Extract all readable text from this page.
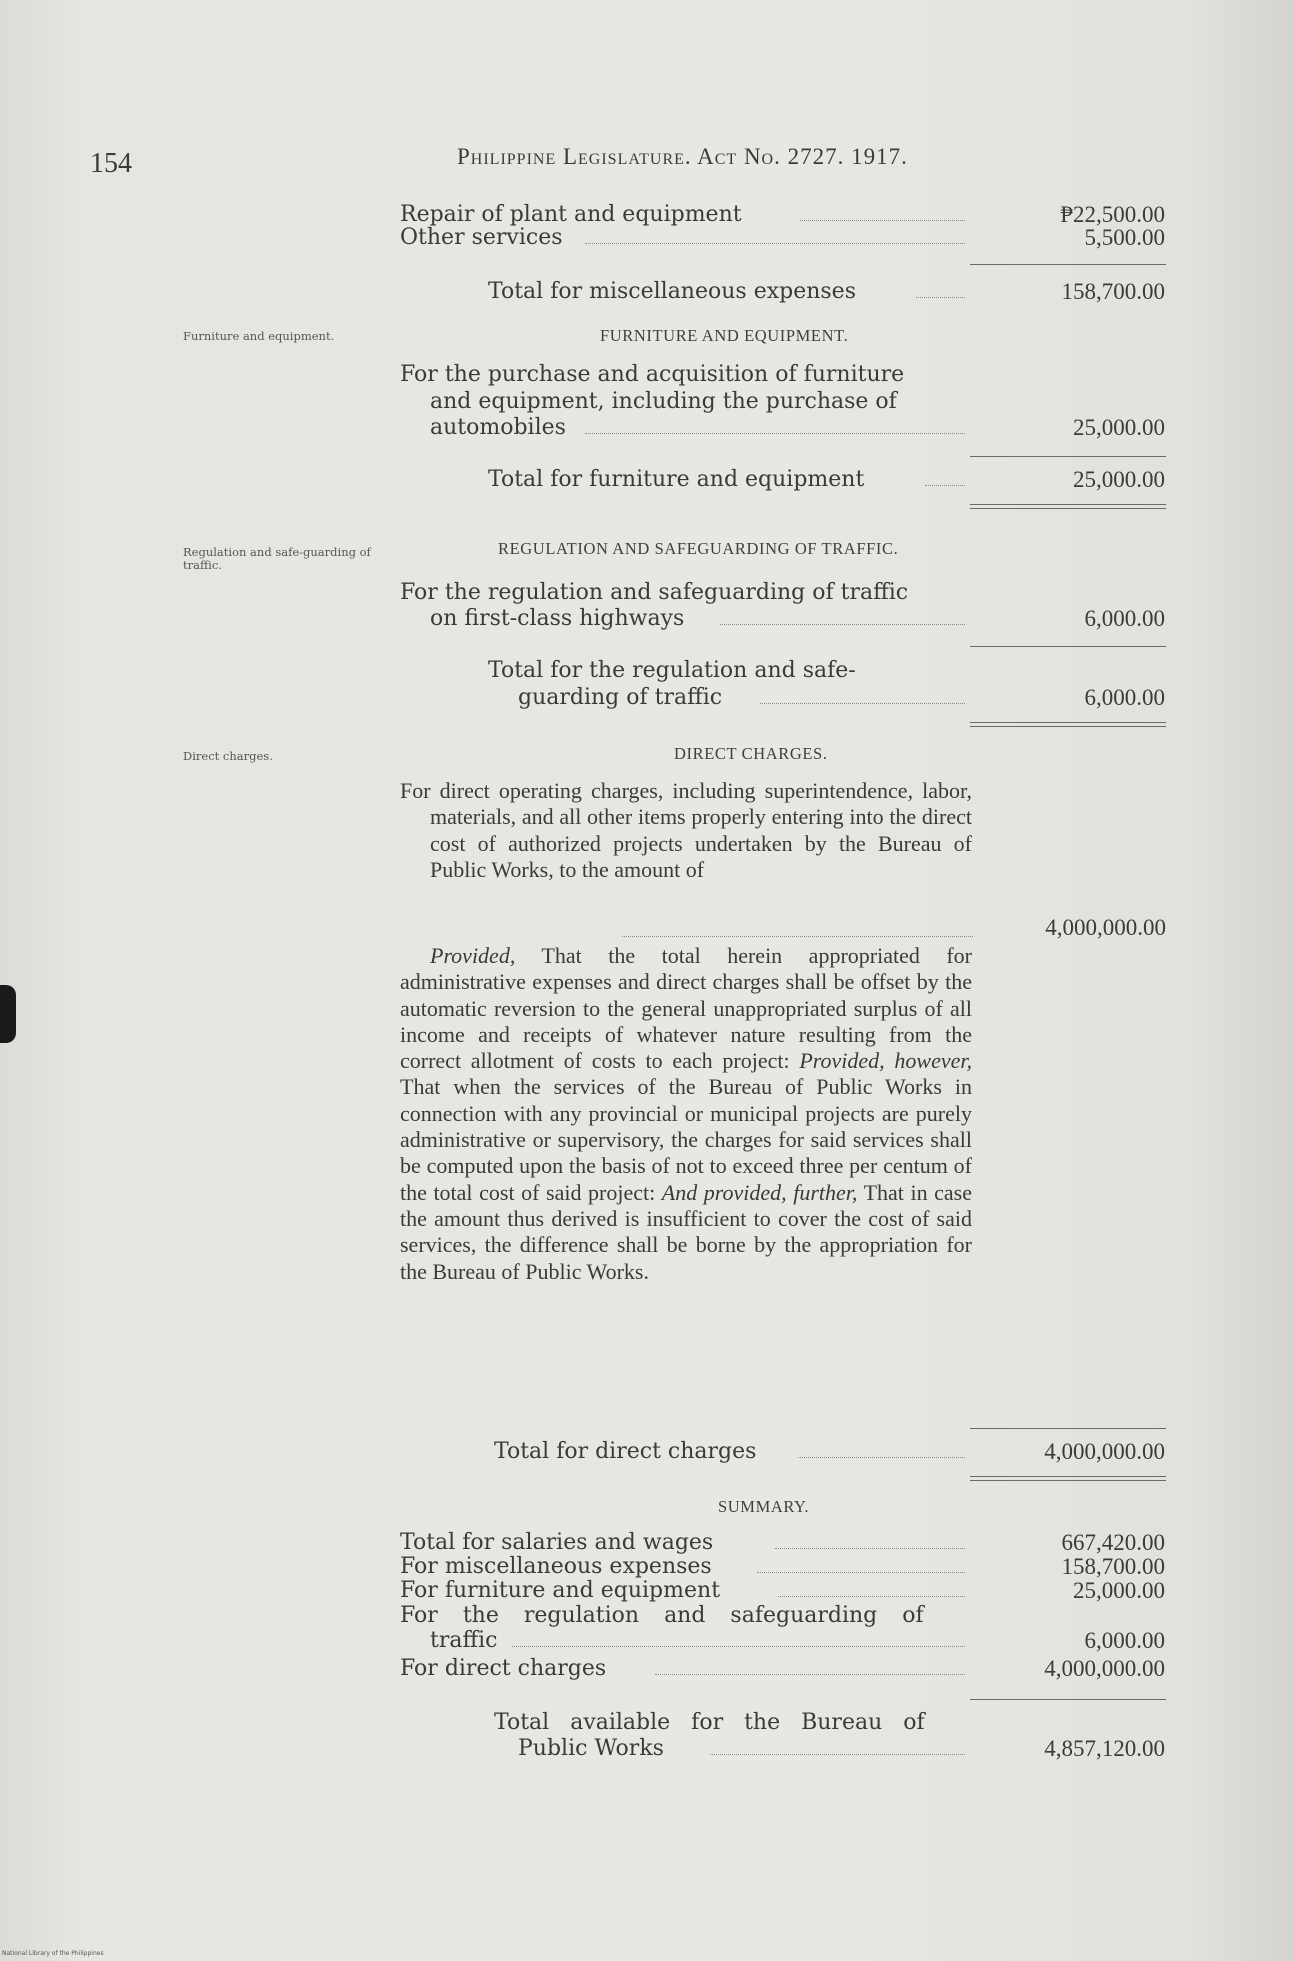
154	Philippine Legislature. Act No. 2727. 1917.
Repair of plant and equipment	₱22,500.00
Other services	5,500.00
Total for miscellaneous expenses	158,700.00
Furniture and equipment.	FURNITURE AND EQUIPMENT.
For the purchase and acquisition of furniture
and equipment, including the purchase of
automobiles	25,000.00
Total for furniture and equipment	25,000.00
Regulation and safe-guarding of traffic.
REGULATION AND SAFEGUARDING OF TRAFFIC.
For the regulation and safeguarding of traffic
on first-class highways	6,000.00
Total for the regulation and safe-
guarding of traffic	6,000.00
Direct charges.	DIRECT CHARGES.
For direct operating charges, including superintendence, labor, materials, and all other items properly entering into the direct cost of authorized projects undertaken by the Bureau of Public Works, to the amount of
4,000,000.00
Provided, That the total herein appropriated for administrative expenses and direct charges shall be offset by the automatic reversion to the general unappropriated surplus of all income and receipts of whatever nature resulting from the correct allotment of costs to each project: Provided, however, That when the services of the Bureau of Public Works in connection with any provincial or municipal projects are purely administrative or supervisory, the charges for said services shall be computed upon the basis of not to exceed three per centum of the total cost of said project: And provided, further, That in case the amount thus derived is insufficient to cover the cost of said services, the difference shall be borne by the appropriation for the Bureau of Public Works.
Total for direct charges	4,000,000.00
SUMMARY.
Total for salaries and wages	667,420.00
For miscellaneous expenses	158,700.00
For furniture and equipment	25,000.00
For the regulation and safeguarding of
traffic	6,000.00
For direct charges	4,000,000.00
Total available for the Bureau of
Public Works	4,857,120.00
National Library of the Philippines
